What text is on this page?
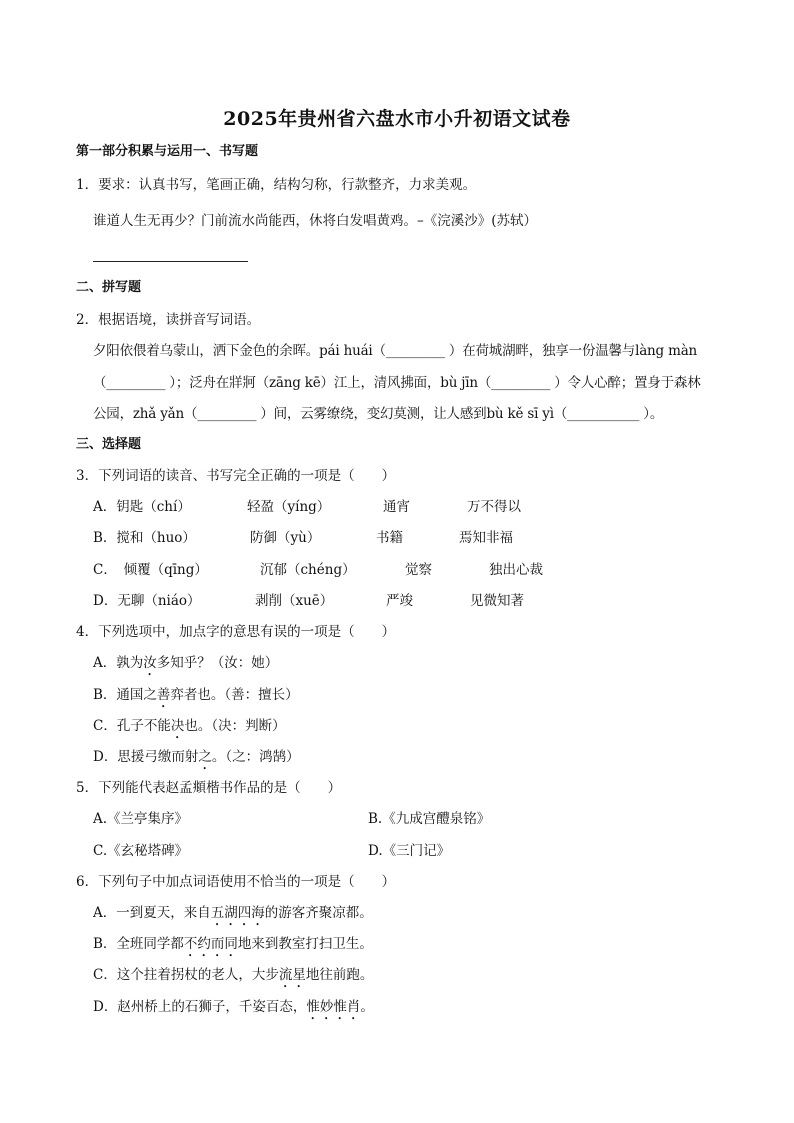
2025年贵州省六盘水市小升初语文试卷
第一部分积累与运用一、书写题
1．要求：认真书写，笔画正确，结构匀称，行款整齐，力求美观。
谁道人生无再少？门前流水尚能西，休将白发唱黄鸡。–《浣溪沙》(苏轼）
二、拼写题
2．根据语境，读拼音写词语。
夕阳依偎着乌蒙山，洒下金色的余晖。pái huái（_________ ）在荷城湖畔，独享一份温馨与làng màn
（_________ ）；泛舟在牂牁（zāng kē）江上，清风拂面，bù jīn（_________ ）令人心醉；置身于森林
公园，zhǎ yǎn（_________ ）间，云雾缭绕，变幻莫测，让人感到bù kě sī yì（___________ ）。
三、选择题
3．下列词语的读音、书写完全正确的一项是（　　）
A．钥匙（chí）	轻盈（yíng）	通宵	万不得以
B．搅和（huo）	防御（yù）	书籍	焉知非福
C．　倾覆（qīng）	沉郁（chéng）	觉察	独出心裁
D．无聊（niáo）	剥削（xuē）	严竣	见微知著
4．下列选项中，加点字的意思有误的一项是（　　）
A．孰为汝多知乎？（汝：她）
B．通国之善弈者也。（善：擅长）
C．孔子不能决也。（决：判断）
D．思援弓缴而射之。（之：鸿鹄）
5．下列能代表赵孟頫楷书作品的是（　　）
A.《兰亭集序》	B.《九成宫醴泉铭》
C.《玄秘塔碑》	D.《三门记》
6．下列句子中加点词语使用不恰当的一项是（　　）
A．一到夏天，来自五湖四海的游客齐聚凉都。
B．全班同学都不约而同地来到教室打扫卫生。
C．这个拄着拐杖的老人，大步流星地往前跑。
D．赵州桥上的石狮子，千姿百态，惟妙惟肖。
